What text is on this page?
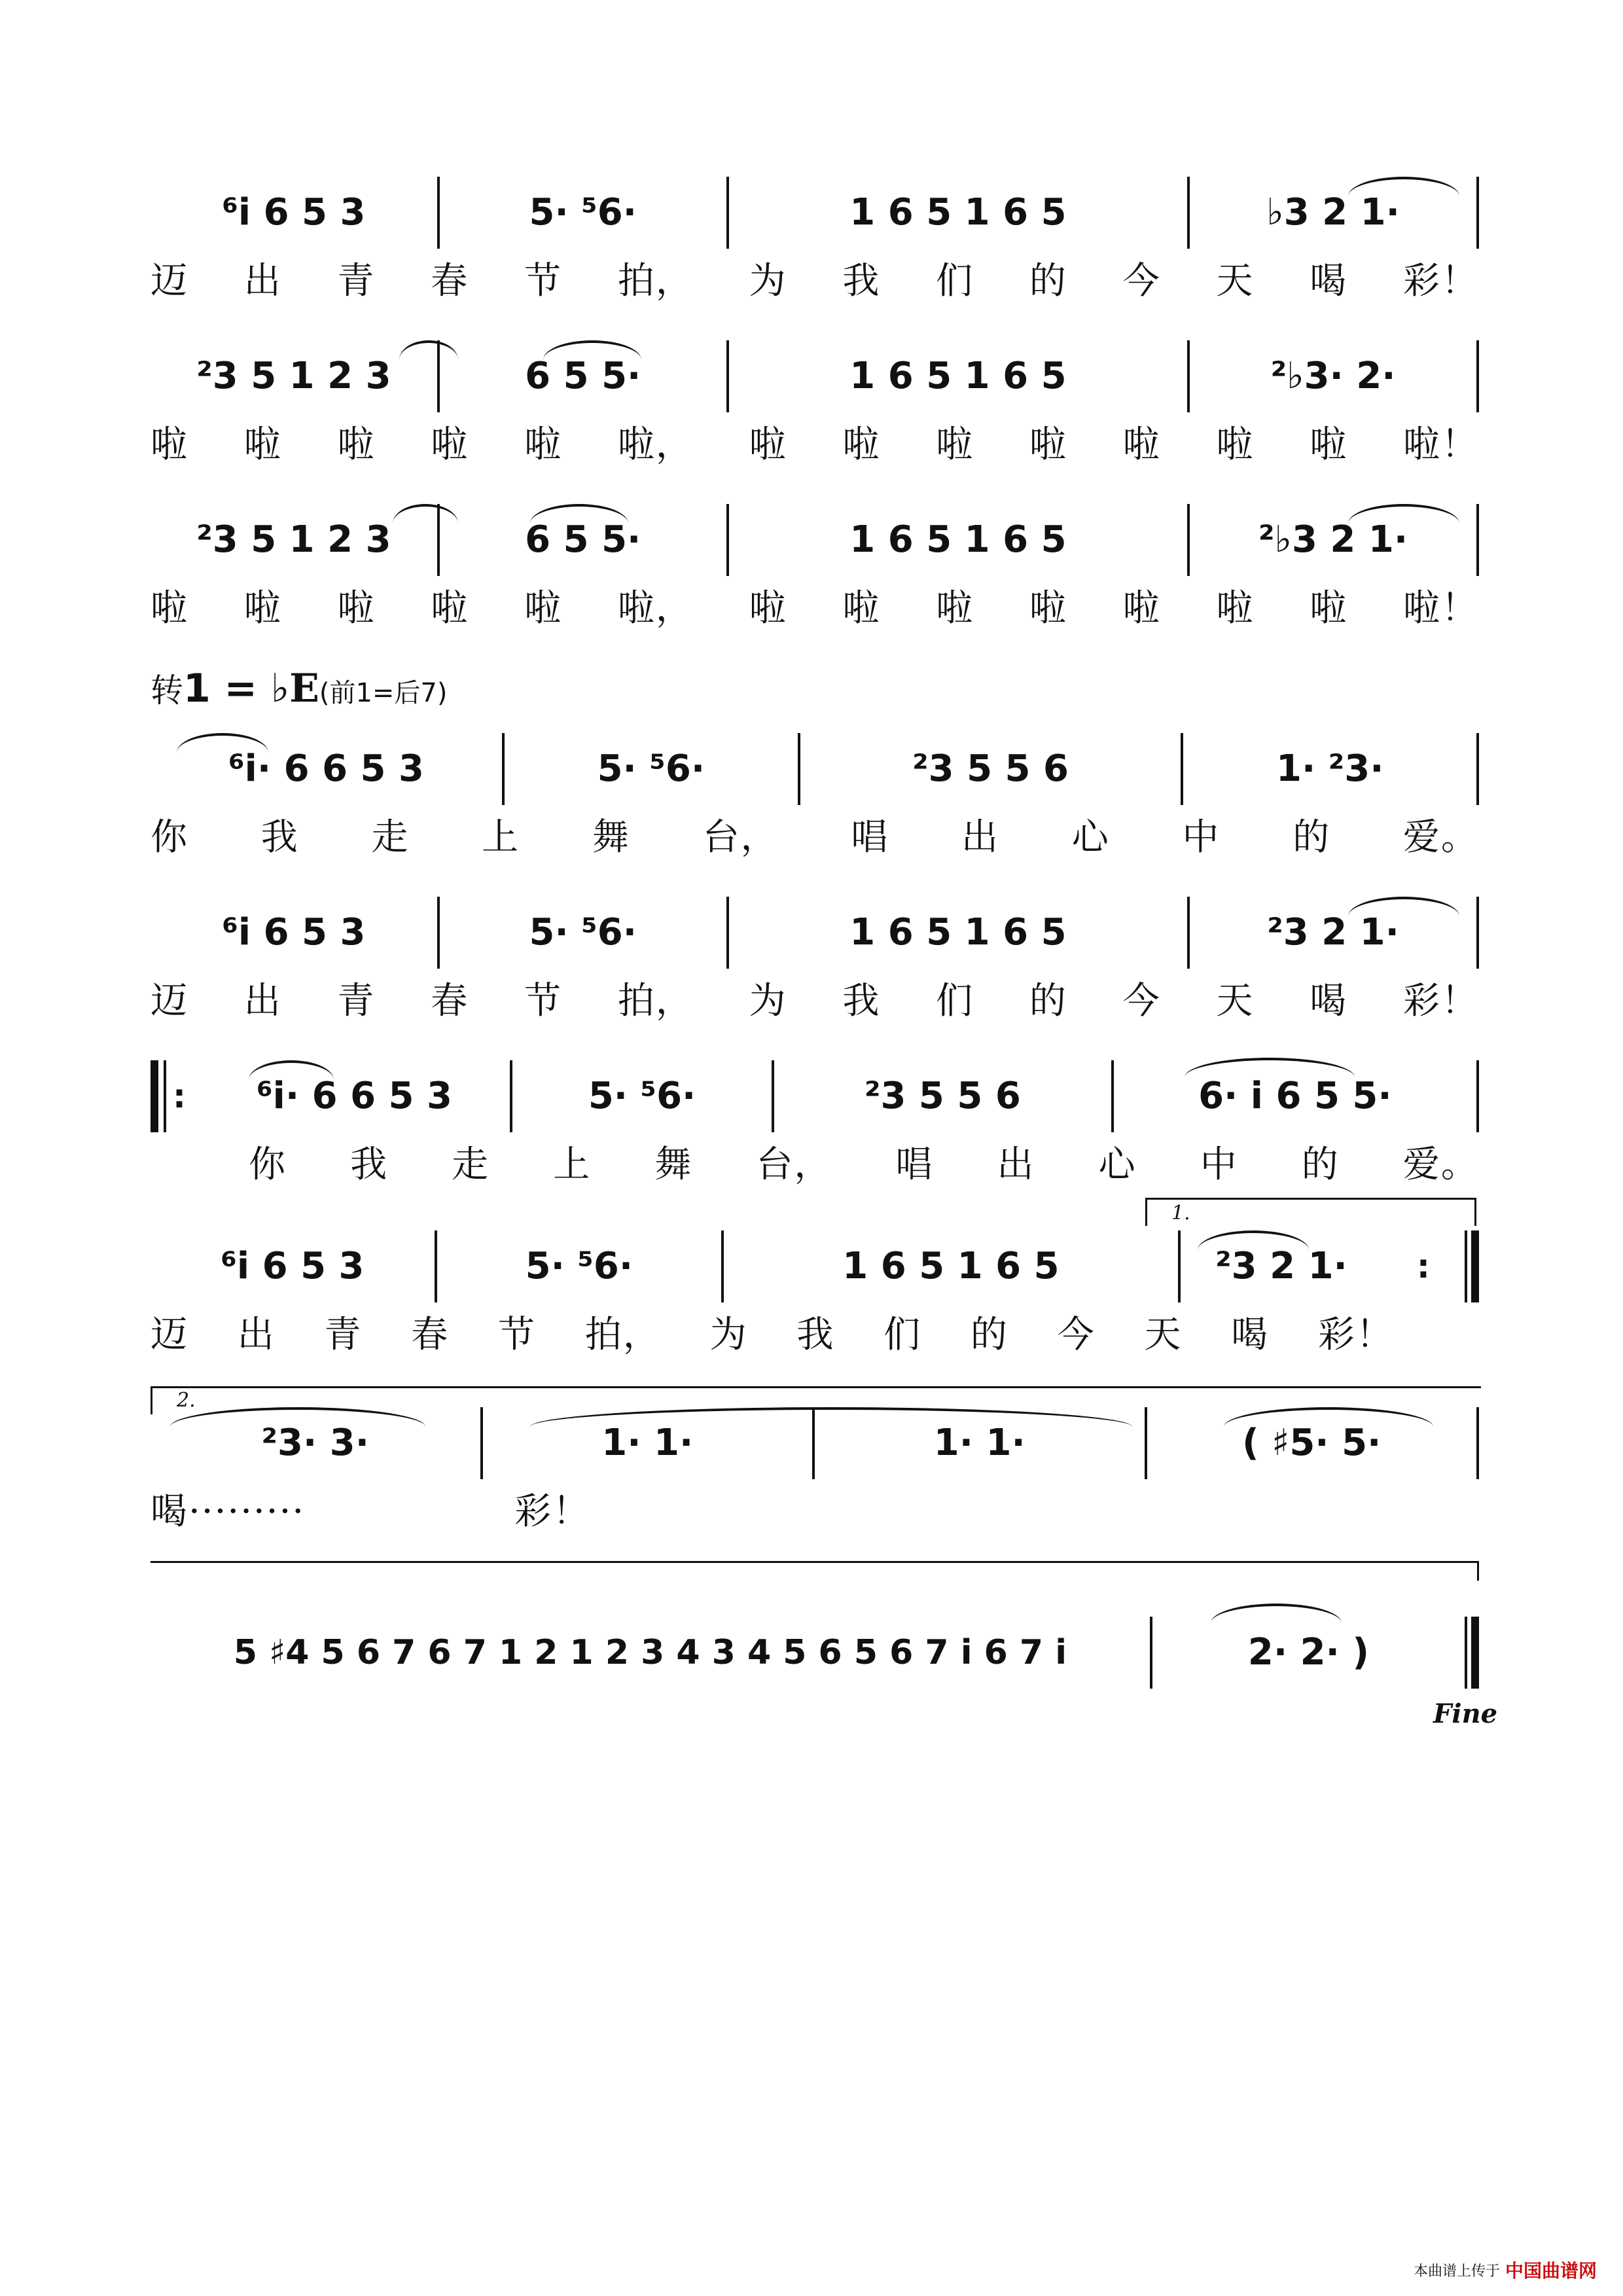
⁶i 6 5 3	5· ⁵6·	1 6 5 1 6 5	♭3 2 1·
迈 出 青 春 节 拍， 为 我 们 的 今 天 喝 彩！
²3 5 1 2 3	6 5 5·	1 6 5 1 6 5	²♭3· 2·
啦 啦 啦 啦 啦 啦， 啦 啦 啦 啦 啦 啦 啦 啦！
²3 5 1 2 3	6 5 5·	1 6 5 1 6 5	²♭3 2 1·
啦 啦 啦 啦 啦 啦， 啦 啦 啦 啦 啦 啦 啦 啦！
转1 = ♭E(前1=后7)
⁶i· 6 6 5 3	5· ⁵6·	²3 5 5 6	1· ²3·
你 我 走 上 舞 台， 唱 出 心 中 的 爱。
⁶i 6 5 3	5· ⁵6·	1 6 5 1 6 5	²3 2 1·
迈 出 青 春 节 拍， 为 我 们 的 今 天 喝 彩！
: ⁶i· 6 6 5 3	5· ⁵6·	²3 5 5 6	6· i 6 5 5·
你 我 走 上 舞 台， 唱 出 心 中 的 爱。
1.
⁶i 6 5 3	5· ⁵6·	1 6 5 1 6 5	²3 2 1· :
迈 出 青 春 节 拍， 为 我 们 的 今 天 喝 彩！
2.
²3· 3·	1· 1·	1· 1·	( ♯5· 5·
喝·········	彩！
5 ♯4 5 6 7 6 7 1 2 1 2 3 4 3 4 5 6 5 6 7 i 6 7 i	2· 2· )
Fine
本曲谱上传于 中国曲谱网
